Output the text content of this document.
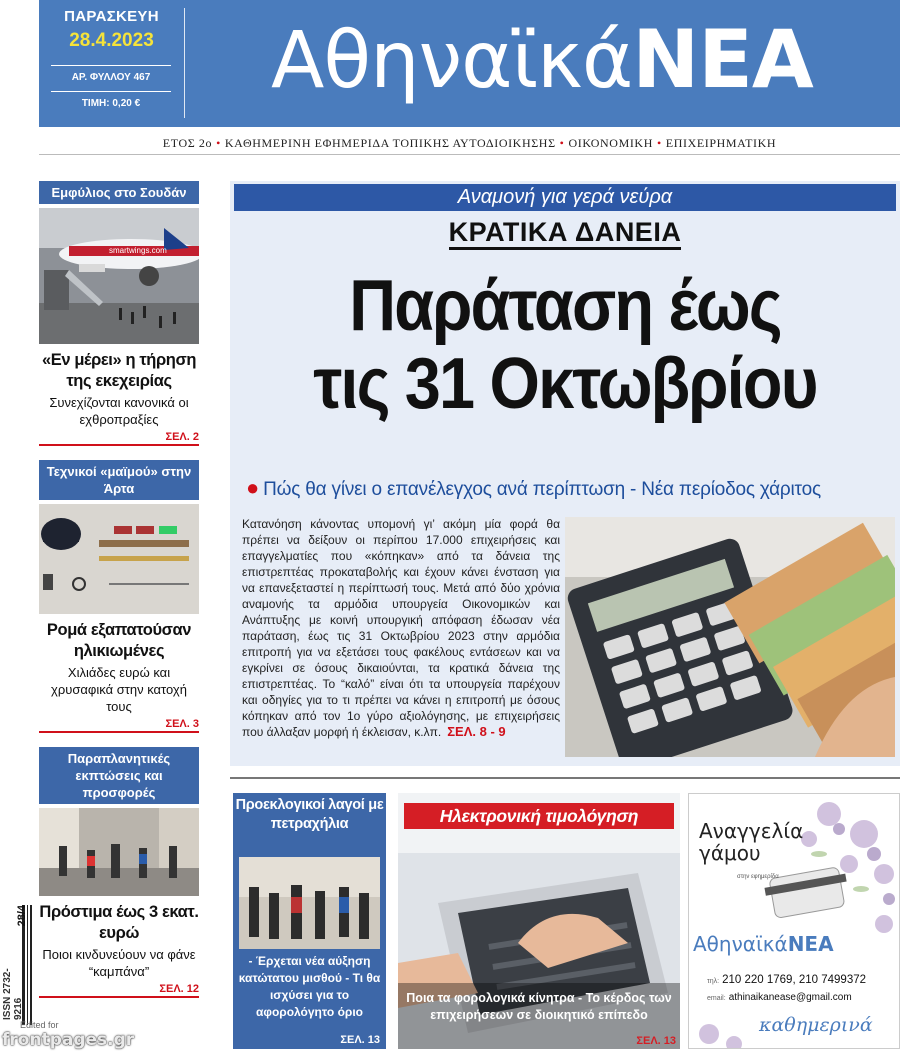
ΠΑΡΑΣΚΕΥΗ
28.4.2023
ΑΡ. ΦΥΛΛΟΥ 467
ΤΙΜΗ: 0,20 €	ΑθηναϊκάΝΕΑ
ΕΤΟΣ 2ο • ΚΑΘΗΜΕΡΙΝΗ ΕΦΗΜΕΡΙΔΑ ΤΟΠΙΚΗΣ ΑΥΤΟΔΙΟΙΚΗΣΗΣ • ΟΙΚΟΝΟΜΙΚΗ • ΕΠΙΧΕΙΡΗΜΑΤΙΚΗ
Εμφύλιος στο Σουδάν
smartwings.com
«Εν μέρει» η τήρηση της εκεχειρίας
Συνεχίζονται κανονικά οι εχθροπραξίες
ΣΕΛ. 2
Τεχνικοί «μαϊμού» στην Άρτα
Ρομά εξαπατούσαν ηλικιωμένες
Χιλιάδες ευρώ και χρυσαφικά στην κατοχή τους
ΣΕΛ. 3
Παραπλανητικές εκπτώσεις και προσφορές
Πρόστιμα έως 3 εκατ. ευρώ
Ποιοι κινδυνεύουν να φάνε “καμπάνα”
ΣΕΛ. 12
ISSN 2732-9216
28/4
Edited for
frontpages.gr
Αναμονή για γερά νεύρα
ΚΡΑΤΙΚΑ ΔΑΝΕΙΑ
Παράταση έως
τις 31 Οκτωβρίου
● Πώς θα γίνει ο επανέλεγχος ανά περίπτωση - Νέα περίοδος χάριτος
Κατανόηση κάνοντας υπομονή γι’ ακόμη μία φορά θα πρέπει να δείξουν οι περίπου 17.000 επιχειρήσεις και επαγγελματίες που «κόπηκαν» από τα δάνεια της επιστρεπτέας προκαταβολής και έχουν κάνει ένσταση για να επανεξεταστεί η περίπτωσή τους. Μετά από δύο χρόνια αναμονής τα αρμόδια υπουργεία Οικονομικών και Ανάπτυξης με κοινή υπουργική απόφαση έδωσαν νέα παράταση, έως τις 31 Οκτωβρίου 2023 στην αρμόδια επιτροπή για να εξετάσει τους φακέλους εντάσεων και να εγκρίνει σε όσους δικαιούνται, τα κρατικά δάνεια της επιστρεπτέας. Το “καλό” είναι ότι τα υπουργεία παρέχουν και οδηγίες για το τι πρέπει να κάνει η επιτροπή με όσους κόπηκαν από τον 1ο γύρο αξιολόγησης, με επιχειρήσεις που άλλαξαν μορφή ή έκλεισαν, κ.λπ. ΣΕΛ. 8 - 9
Προεκλογικοί λαγοί με πετραχήλια
- Έρχεται νέα αύξηση κατώτατου μισθού - Τι θα ισχύσει για το αφορολόγητο όριο
ΣΕΛ. 13
Ηλεκτρονική τιμολόγηση
Ποια τα φορολογικά κίνητρα - Το κέρδος των επιχειρήσεων σε διοικητικό επίπεδο
ΣΕΛ. 13
Αναγγελία
γάμου
στην εφημερίδα
ΑθηναϊκάΝΕΑ
τηλ: 210 220 1769, 210 7499372
email: athinaikanease@gmail.com
καθημερινά
